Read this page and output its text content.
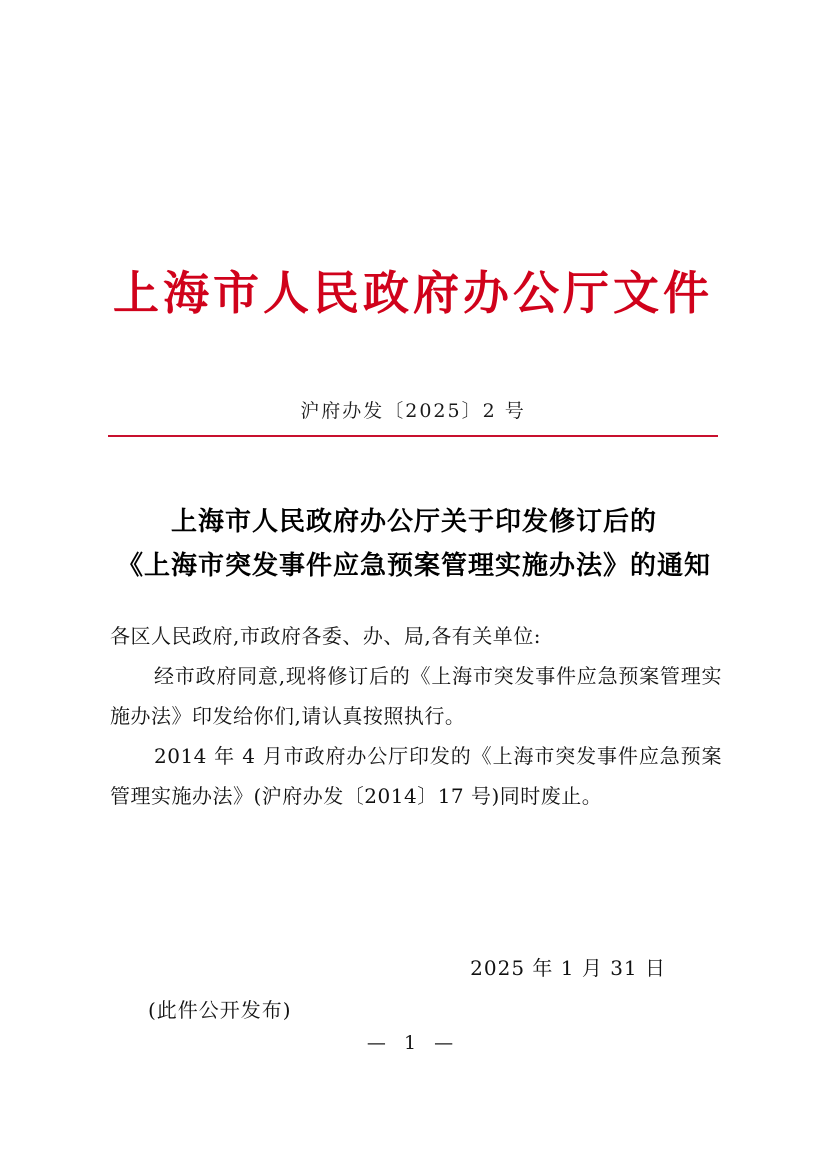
上海市人民政府办公厅文件
沪府办发〔2025〕2 号
上海市人民政府办公厅关于印发修订后的
《上海市突发事件应急预案管理实施办法》的通知

各区人民政府,市政府各委、办、局,各有关单位:

经市政府同意,现将修订后的《上海市突发事件应急预案管理实施办法》印发给你们,请认真按照执行。

2014 年 4 月市政府办公厅印发的《上海市突发事件应急预案管理实施办法》(沪府办发〔2014〕17 号)同时废止。

2025 年 1 月 31 日
(此件公开发布)
— 1 —
